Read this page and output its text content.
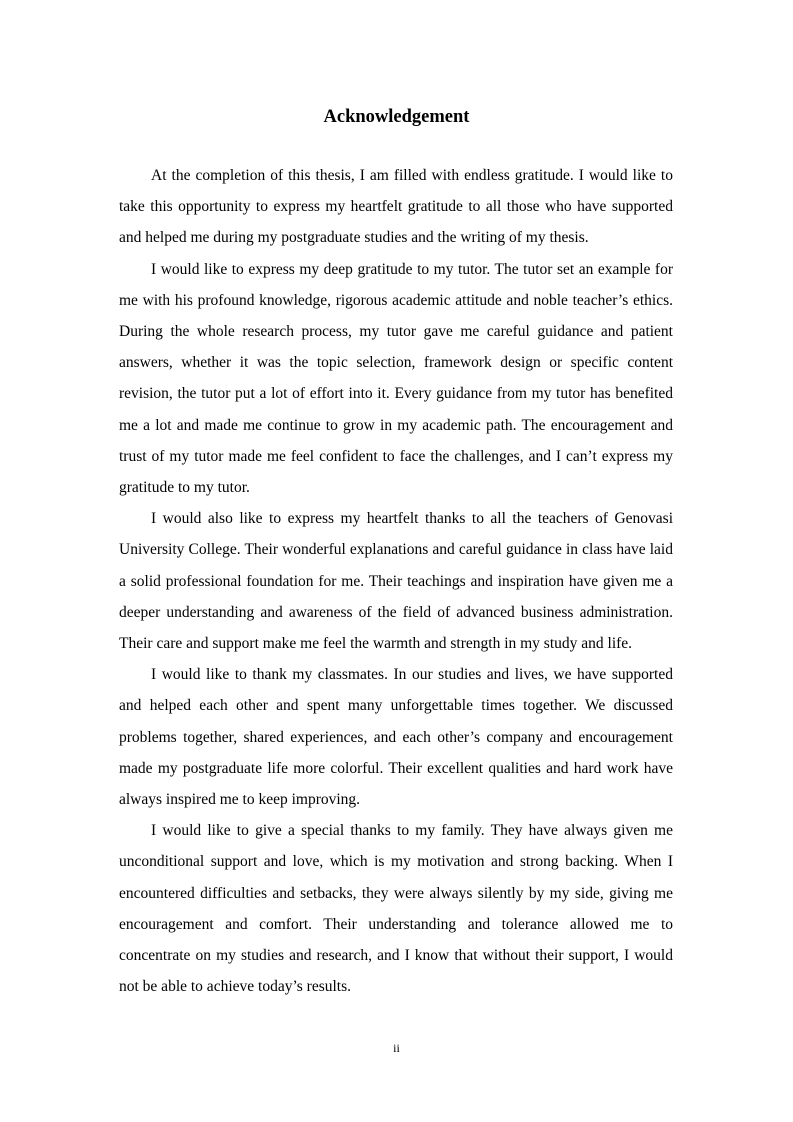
Acknowledgement

At the completion of this thesis, I am filled with endless gratitude. I would like to take this opportunity to express my heartfelt gratitude to all those who have supported and helped me during my postgraduate studies and the writing of my thesis.

I would like to express my deep gratitude to my tutor. The tutor set an example for me with his profound knowledge, rigorous academic attitude and noble teacher’s ethics. During the whole research process, my tutor gave me careful guidance and patient answers, whether it was the topic selection, framework design or specific content revision, the tutor put a lot of effort into it. Every guidance from my tutor has benefited me a lot and made me continue to grow in my academic path. The encouragement and trust of my tutor made me feel confident to face the challenges, and I can’t express my gratitude to my tutor.

I would also like to express my heartfelt thanks to all the teachers of Genovasi University College. Their wonderful explanations and careful guidance in class have laid a solid professional foundation for me. Their teachings and inspiration have given me a deeper understanding and awareness of the field of advanced business administration. Their care and support make me feel the warmth and strength in my study and life.

I would like to thank my classmates. In our studies and lives, we have supported and helped each other and spent many unforgettable times together. We discussed problems together, shared experiences, and each other’s company and encouragement made my postgraduate life more colorful. Their excellent qualities and hard work have always inspired me to keep improving.

I would like to give a special thanks to my family. They have always given me unconditional support and love, which is my motivation and strong backing. When I encountered difficulties and setbacks, they were always silently by my side, giving me encouragement and comfort. Their understanding and tolerance allowed me to concentrate on my studies and research, and I know that without their support, I would not be able to achieve today’s results.

ii
